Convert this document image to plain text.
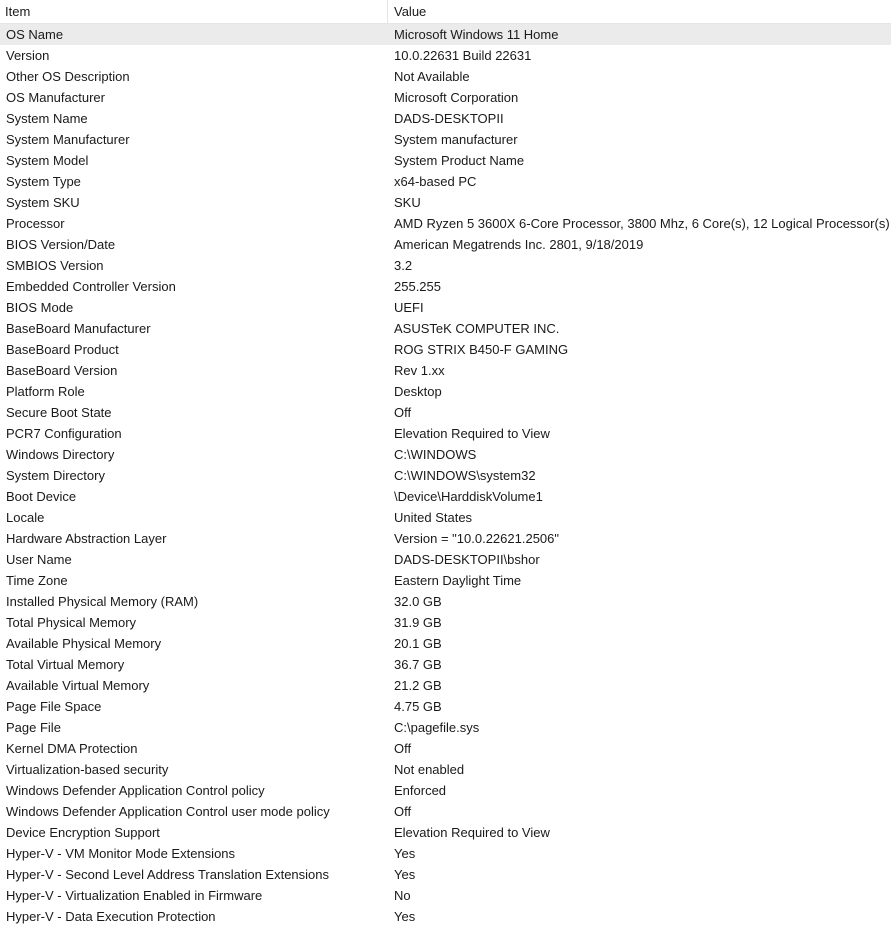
Item	Value
OS Name	Microsoft Windows 11 Home
Version	10.0.22631 Build 22631
Other OS Description	Not Available
OS Manufacturer	Microsoft Corporation
System Name	DADS-DESKTOPII
System Manufacturer	System manufacturer
System Model	System Product Name
System Type	x64-based PC
System SKU	SKU
Processor	AMD Ryzen 5 3600X 6-Core Processor, 3800 Mhz, 6 Core(s), 12 Logical Processor(s)
BIOS Version/Date	American Megatrends Inc. 2801, 9/18/2019
SMBIOS Version	3.2
Embedded Controller Version	255.255
BIOS Mode	UEFI
BaseBoard Manufacturer	ASUSTeK COMPUTER INC.
BaseBoard Product	ROG STRIX B450-F GAMING
BaseBoard Version	Rev 1.xx
Platform Role	Desktop
Secure Boot State	Off
PCR7 Configuration	Elevation Required to View
Windows Directory	C:\WINDOWS
System Directory	C:\WINDOWS\system32
Boot Device	\Device\HarddiskVolume1
Locale	United States
Hardware Abstraction Layer	Version = "10.0.22621.2506"
User Name	DADS-DESKTOPII\bshor
Time Zone	Eastern Daylight Time
Installed Physical Memory (RAM)	32.0 GB
Total Physical Memory	31.9 GB
Available Physical Memory	20.1 GB
Total Virtual Memory	36.7 GB
Available Virtual Memory	21.2 GB
Page File Space	4.75 GB
Page File	C:\pagefile.sys
Kernel DMA Protection	Off
Virtualization-based security	Not enabled
Windows Defender Application Control policy	Enforced
Windows Defender Application Control user mode policy	Off
Device Encryption Support	Elevation Required to View
Hyper-V - VM Monitor Mode Extensions	Yes
Hyper-V - Second Level Address Translation Extensions	Yes
Hyper-V - Virtualization Enabled in Firmware	No
Hyper-V - Data Execution Protection	Yes
